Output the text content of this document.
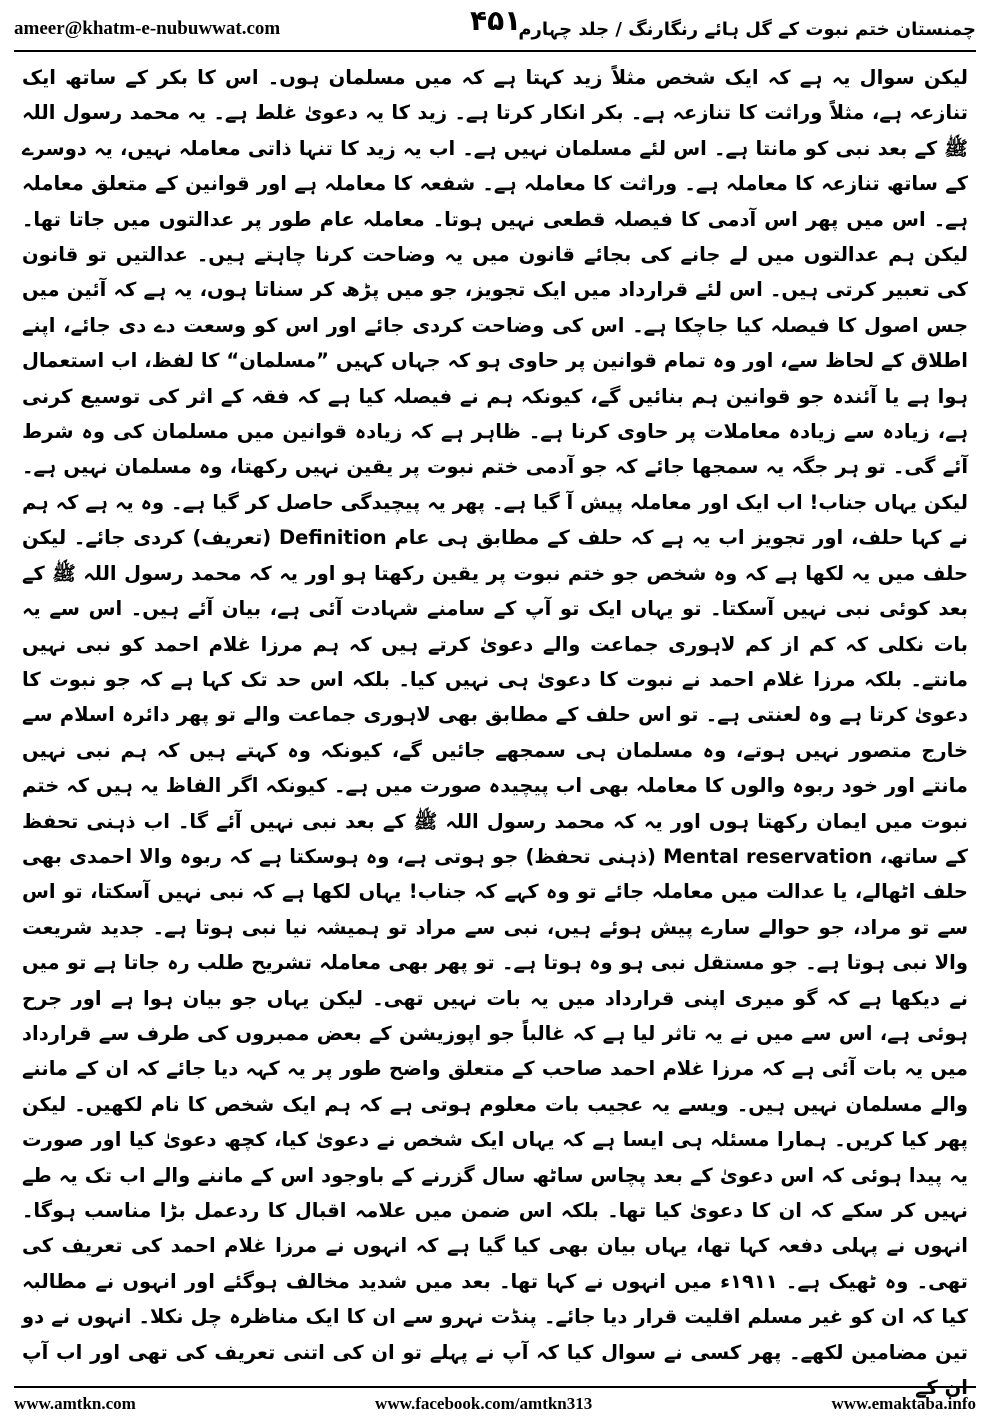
ameer@khatm-e-nubuwwat.com	چمنستان ختم نبوت کے گل ہائے رنگارنگ / جلد چہارم
۴۵۱

لیکن سوال یہ ہے کہ ایک شخص مثلاً زید کہتا ہے کہ میں مسلمان ہوں۔ اس کا بکر کے ساتھ ایک تنازعہ ہے، مثلاً وراثت کا تنازعہ ہے۔ بکر انکار کرتا ہے۔ زید کا یہ دعویٰ غلط ہے۔ یہ محمد رسول اللہ ﷺ کے بعد نبی کو مانتا ہے۔ اس لئے مسلمان نہیں ہے۔ اب یہ زید کا تنہا ذاتی معاملہ نہیں، یہ دوسرے کے ساتھ تنازعہ کا معاملہ ہے۔ وراثت کا معاملہ ہے۔ شفعہ کا معاملہ ہے اور قوانین کے متعلق معاملہ ہے۔ اس میں پھر اس آدمی کا فیصلہ قطعی نہیں ہوتا۔ معاملہ عام طور پر عدالتوں میں جاتا تھا۔ لیکن ہم عدالتوں میں لے جانے کی بجائے قانون میں یہ وضاحت کرنا چاہتے ہیں۔ عدالتیں تو قانون کی تعبیر کرتی ہیں۔ اس لئے قرارداد میں ایک تجویز، جو میں پڑھ کر سناتا ہوں، یہ ہے کہ آئین میں جس اصول کا فیصلہ کیا جاچکا ہے۔ اس کی وضاحت کردی جائے اور اس کو وسعت دے دی جائے، اپنے اطلاق کے لحاظ سے، اور وہ تمام قوانین پر حاوی ہو کہ جہاں کہیں ”مسلمان“ کا لفظ، اب استعمال ہوا ہے یا آئندہ جو قوانین ہم بنائیں گے، کیونکہ ہم نے فیصلہ کیا ہے کہ فقہ کے اثر کی توسیع کرنی ہے، زیادہ سے زیادہ معاملات پر حاوی کرنا ہے۔ ظاہر ہے کہ زیادہ قوانین میں مسلمان کی وہ شرط آئے گی۔ تو ہر جگہ یہ سمجھا جائے کہ جو آدمی ختم نبوت پر یقین نہیں رکھتا، وہ مسلمان نہیں ہے۔ لیکن یہاں جناب! اب ایک اور معاملہ پیش آ گیا ہے۔ پھر یہ پیچیدگی حاصل کر گیا ہے۔ وہ یہ ہے کہ ہم نے کہا حلف، اور تجویز اب یہ ہے کہ حلف کے مطابق ہی عام Definition (تعریف) کردی جائے۔ لیکن حلف میں یہ لکھا ہے کہ وہ شخص جو ختم نبوت پر یقین رکھتا ہو اور یہ کہ محمد رسول اللہ ﷺ کے بعد کوئی نبی نہیں آسکتا۔ تو یہاں ایک تو آپ کے سامنے شہادت آئی ہے، بیان آئے ہیں۔ اس سے یہ بات نکلی کہ کم از کم لاہوری جماعت والے دعویٰ کرتے ہیں کہ ہم مرزا غلام احمد کو نبی نہیں مانتے۔ بلکہ مرزا غلام احمد نے نبوت کا دعویٰ ہی نہیں کیا۔ بلکہ اس حد تک کہا ہے کہ جو نبوت کا دعویٰ کرتا ہے وہ لعنتی ہے۔ تو اس حلف کے مطابق بھی لاہوری جماعت والے تو پھر دائرہ اسلام سے خارج متصور نہیں ہوتے، وہ مسلمان ہی سمجھے جائیں گے، کیونکہ وہ کہتے ہیں کہ ہم نبی نہیں مانتے اور خود ربوہ والوں کا معاملہ بھی اب پیچیدہ صورت میں ہے۔ کیونکہ اگر الفاظ یہ ہیں کہ ختم نبوت میں ایمان رکھتا ہوں اور یہ کہ محمد رسول اللہ ﷺ کے بعد نبی نہیں آئے گا۔ اب ذہنی تحفظ کے ساتھ، Mental reservation (ذہنی تحفظ) جو ہوتی ہے، وہ ہوسکتا ہے کہ ربوہ والا احمدی بھی حلف اٹھالے، یا عدالت میں معاملہ جائے تو وہ کہے کہ جناب! یہاں لکھا ہے کہ نبی نہیں آسکتا، تو اس سے تو مراد، جو حوالے سارے پیش ہوئے ہیں، نبی سے مراد تو ہمیشہ نیا نبی ہوتا ہے۔ جدید شریعت والا نبی ہوتا ہے۔ جو مستقل نبی ہو وہ ہوتا ہے۔ تو پھر بھی معاملہ تشریح طلب رہ جاتا ہے تو میں نے دیکھا ہے کہ گو میری اپنی قرارداد میں یہ بات نہیں تھی۔ لیکن یہاں جو بیان ہوا ہے اور جرح ہوئی ہے، اس سے میں نے یہ تاثر لیا ہے کہ غالباً جو اپوزیشن کے بعض ممبروں کی طرف سے قرارداد میں یہ بات آئی ہے کہ مرزا غلام احمد صاحب کے متعلق واضح طور پر یہ کہہ دیا جائے کہ ان کے ماننے والے مسلمان نہیں ہیں۔ ویسے یہ عجیب بات معلوم ہوتی ہے کہ ہم ایک شخص کا نام لکھیں۔ لیکن پھر کیا کریں۔ ہمارا مسئلہ ہی ایسا ہے کہ یہاں ایک شخص نے دعویٰ کیا، کچھ دعویٰ کیا اور صورت یہ پیدا ہوئی کہ اس دعویٰ کے بعد پچاس ساٹھ سال گزرنے کے باوجود اس کے ماننے والے اب تک یہ طے نہیں کر سکے کہ ان کا دعویٰ کیا تھا۔ بلکہ اس ضمن میں علامہ اقبال کا ردعمل بڑا مناسب ہوگا۔ انہوں نے پہلی دفعہ کہا تھا، یہاں بیان بھی کیا گیا ہے کہ انہوں نے مرزا غلام احمد کی تعریف کی تھی۔ وہ ٹھیک ہے۔ ۱۹۱۱ء میں انہوں نے کہا تھا۔ بعد میں شدید مخالف ہوگئے اور انہوں نے مطالبہ کیا کہ ان کو غیر مسلم اقلیت قرار دیا جائے۔ پنڈت نہرو سے ان کا ایک مناظرہ چل نکلا۔ انہوں نے دو تین مضامین لکھے۔ پھر کسی نے سوال کیا کہ آپ نے پہلے تو ان کی اتنی تعریف کی تھی اور اب آپ ان کے

www.amtkn.com	www.facebook.com/amtkn313	www.emaktaba.info
